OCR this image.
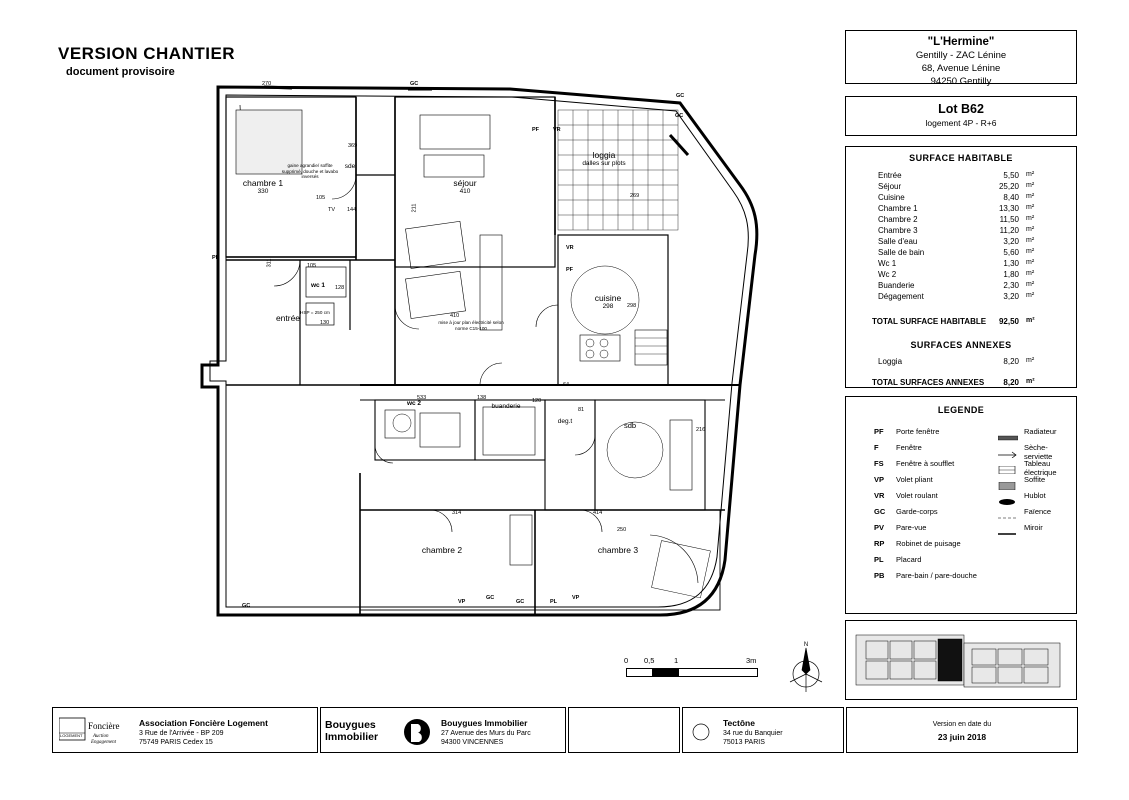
VERSION CHANTIER
document provisoire
chambre 1
330
séjour
410
loggia
dalles sur plots
cuisine
298
entrée
wc 1
wc 2	buanderie
deg.t	sdb
sde
chambre 2	chambre 3
270	GC
GC
PF	VR
GC
369
105
144
269
TV	211
311	105
130
128
410
120
533	138
64
81
216
250
414
314
VP	GC
PL
PL
VR
PF
VP
GC
GC
298
gaine agrandie/ soffite supprimé, douche et lavabo inversés
HSP = 250 cm
mise à jour plan électricité selon norme C15-100
0 0,5	1	3m
N
"L'Hermine"
Gentilly - ZAC Lénine
68, Avenue Lénine
94250 Gentilly
Lot B62
logement 4P - R+6
SURFACE HABITABLE
Entrée	5,50 m²
Séjour	25,20 m²
Cuisine	8,40 m²
Chambre 1	13,30 m²
Chambre 2	11,50 m²
Chambre 3	11,20 m²
Salle d'eau	3,20 m²
Salle de bain	5,60 m²
Wc 1	1,30 m²
Wc 2	1,80 m²
Buanderie	2,30 m²
Dégagement	3,20 m²
TOTAL SURFACE HABITABLE	92,50 m²
SURFACES ANNEXES
Loggia	8,20 m²
TOTAL SURFACES ANNEXES	8,20 m²
LEGENDE
PF Porte fenêtre
F Fenêtre
FS Fenêtre à soufflet
VP Volet pliant
VR Volet roulant
GC Garde-corps
PV Pare-vue
RP Robinet de puisage
PL Placard
PB Pare-bain / pare-douche
Radiateur
Sèche-serviette
Tableau électrique
Soffite
Hublot
Faïence
Miroir
LOGEMENT
Foncière
Auction
Engagement
Association Foncière Logement
3 Rue de l'Arrivée - BP 209
75749 PARIS Cedex 15
Bouygues
Immobilier
Bouygues Immobilier
27 Avenue des Murs du Parc
94300 VINCENNES
Tectône
34 rue du Banquier
75013 PARIS
Version en date du
23 juin 2018
